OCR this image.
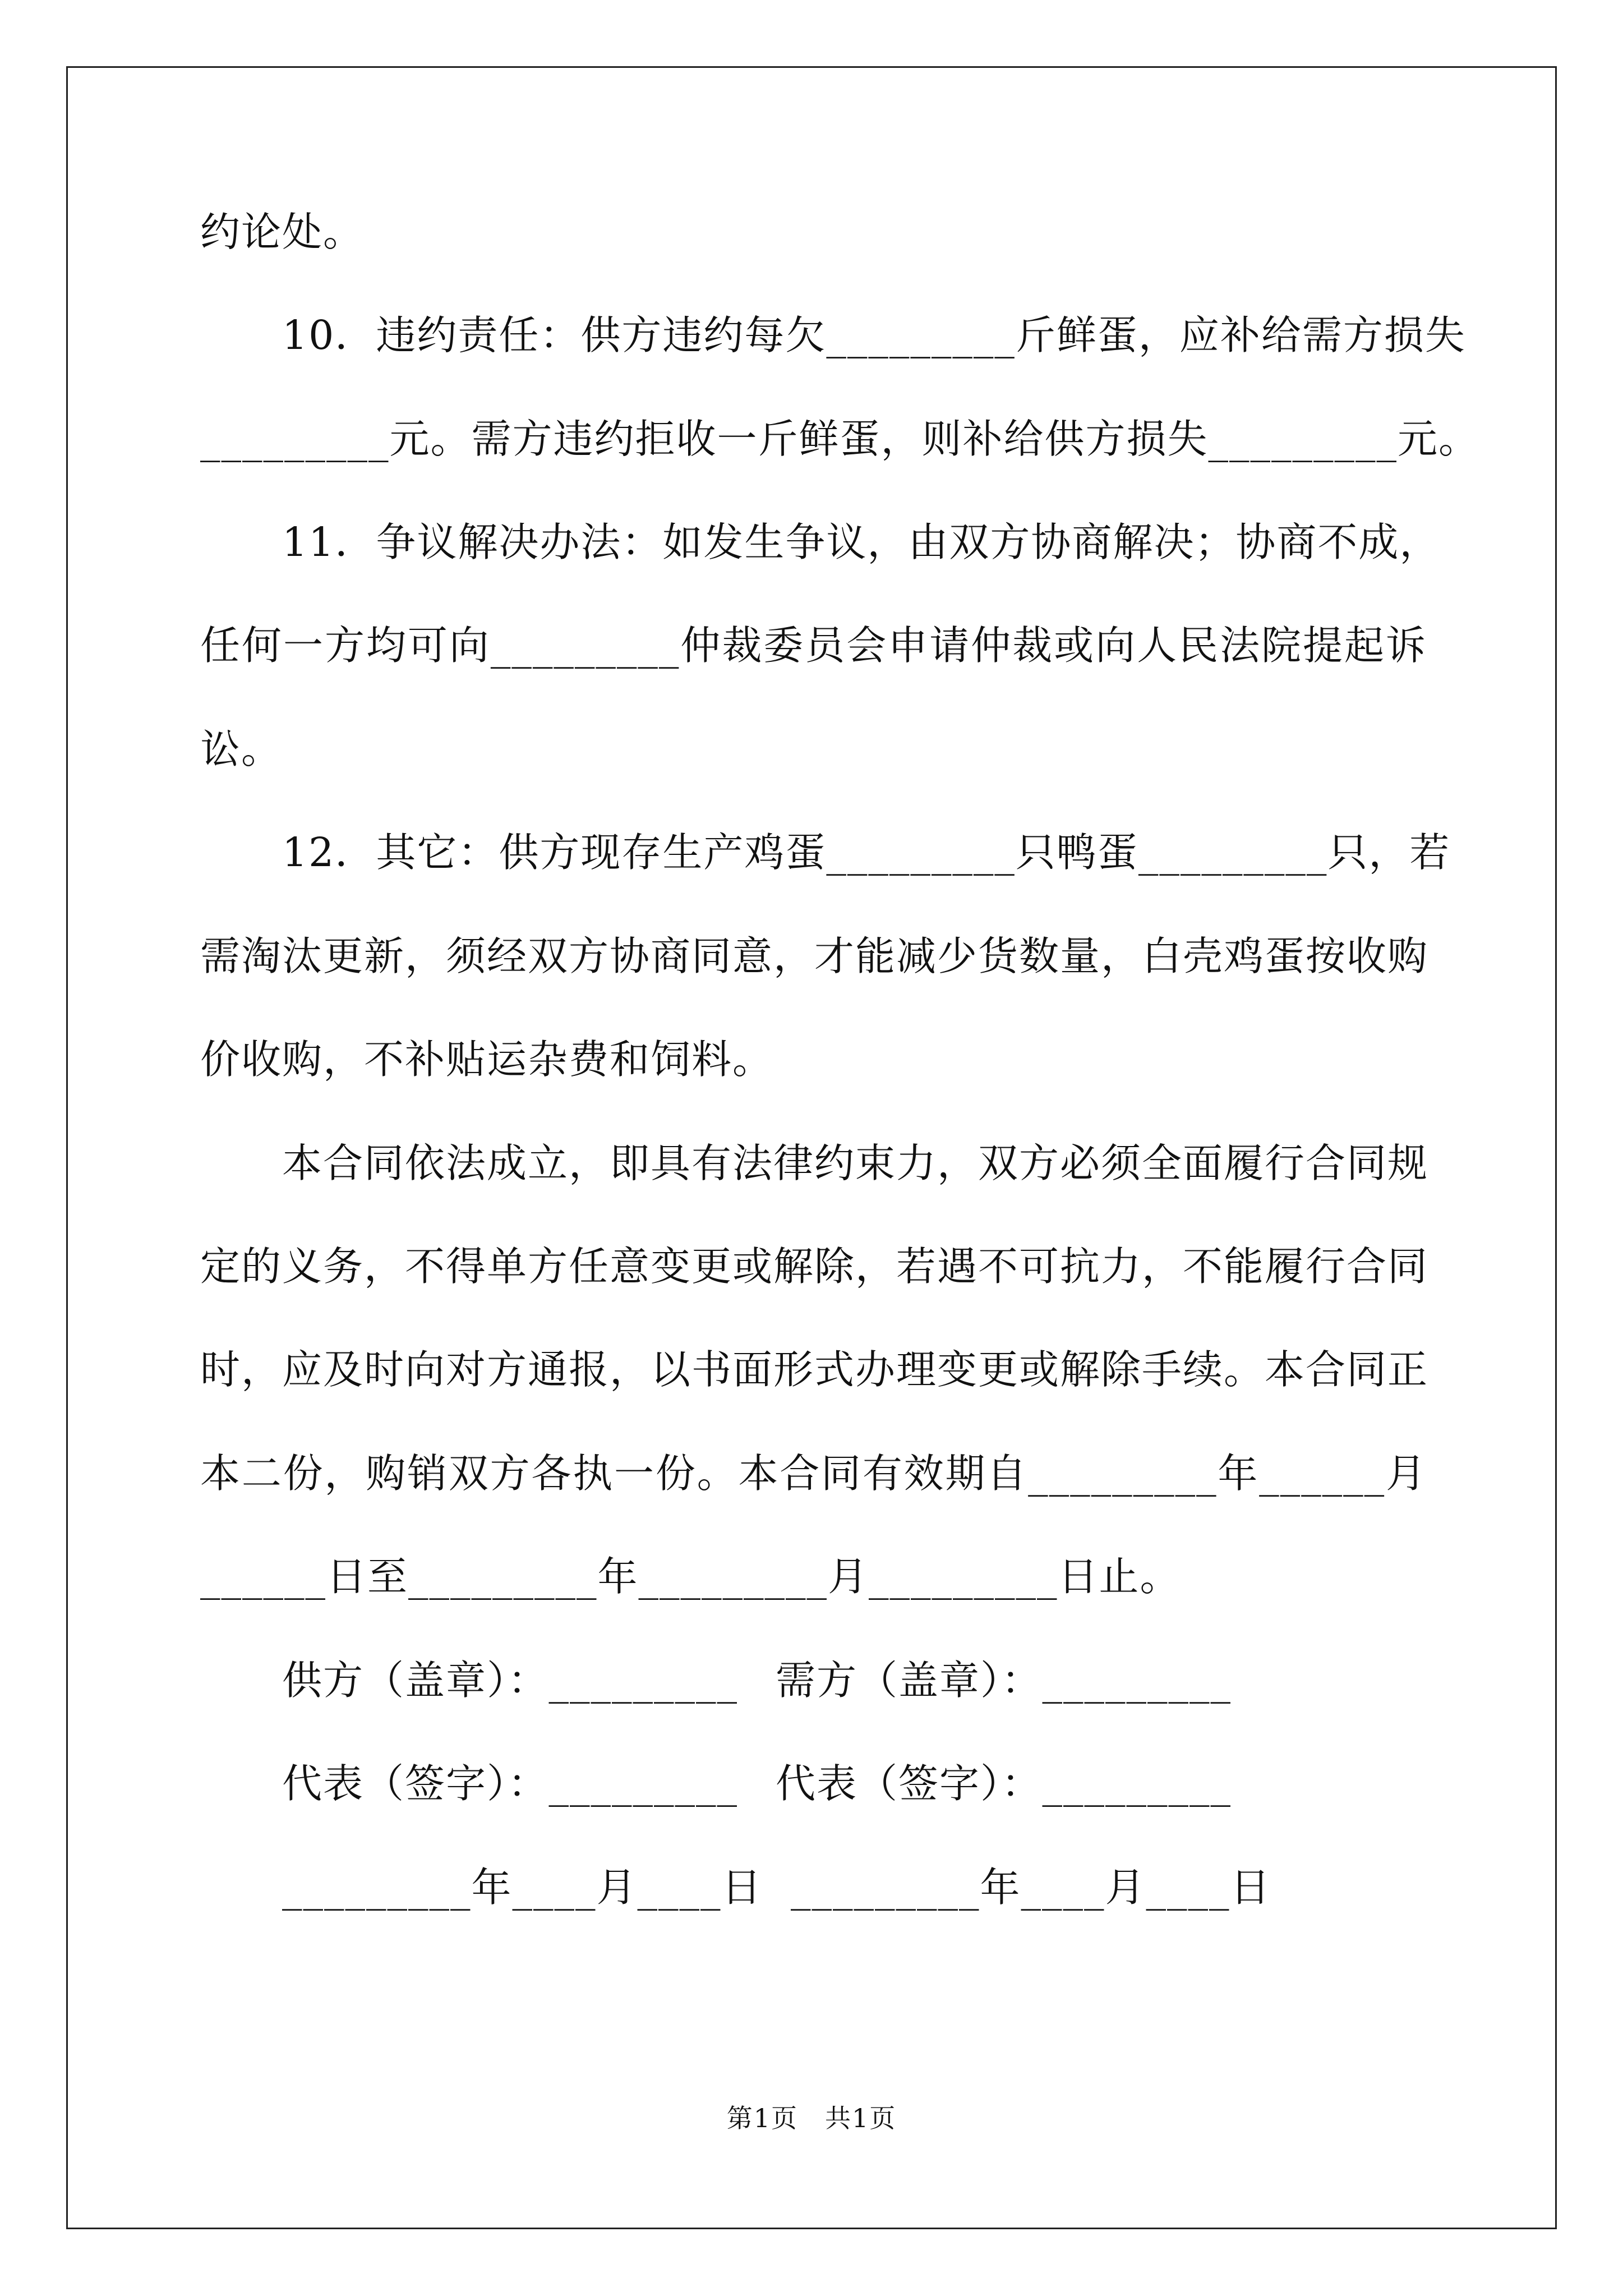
约论处。
10．违约责任：供方违约每欠_________斤鲜蛋，应补给需方损失
_________元。需方违约拒收一斤鲜蛋，则补给供方损失_________元。
11．争议解决办法：如发生争议，由双方协商解决；协商不成，
任何一方均可向_________仲裁委员会申请仲裁或向人民法院提起诉
讼。
12．其它：供方现存生产鸡蛋_________只鸭蛋_________只，若
需淘汰更新，须经双方协商同意，才能减少货数量，白壳鸡蛋按收购
价收购，不补贴运杂费和饲料。
本合同依法成立，即具有法律约束力，双方必须全面履行合同规
定的义务，不得单方任意变更或解除，若遇不可抗力，不能履行合同
时，应及时向对方通报，以书面形式办理变更或解除手续。本合同正
本二份，购销双方各执一份。本合同有效期自_________年______月
______日至_________年_________月_________日止。
供方（盖章）：_________ 需方（盖章）：_________
代表（签字）：_________ 代表（签字）：_________
_________年____月____日 _________年____月____日
第1页　共1页
